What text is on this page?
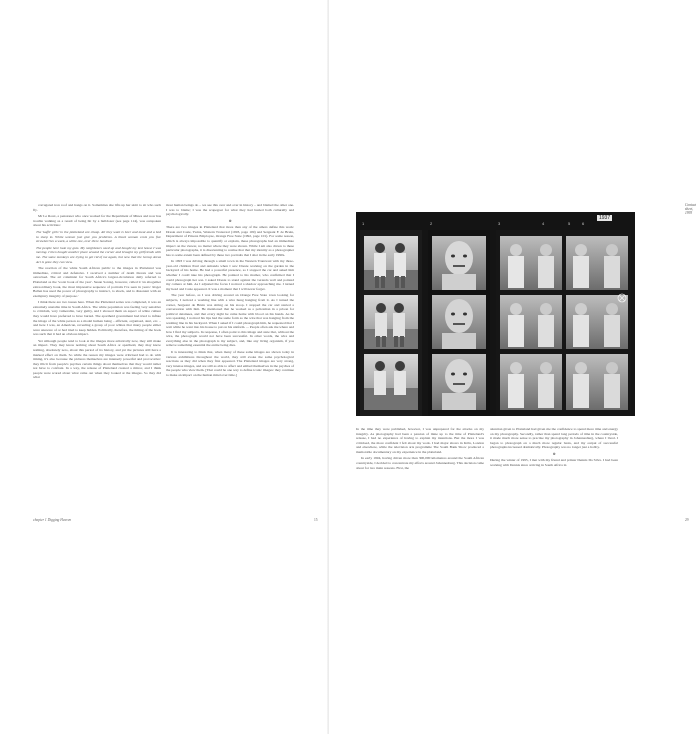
corrugated iron roof and hangs on it. Sometimes she lifts up her skirt to sit who such fly.

Mr Le Roux, a pensioner who once worked for the Department of Mines and now has trouble walking as a result of being hit by a bulldozer (see page 114), was outspoken about his activities:

The 'kaffir girls' in the platteland are cheap. All they want is beer and meat and a bed to sleep in. White women just give you problems. A black woman costs you five strawberries a week, a white one, over three hundred.

The people here hate my guts. My neighbours used up and bought my last house I was moving. I then bought another place around the corner and brought my girlfriends with me. The same monkeys are trying to get rid of me again, but now that the Group Areas Act is gone they can view.

The reaction of the white South African public to the images in Platteland was immediate, critical and defensive. I received a number of death threats and was ostracised. The art columnist for South Africa's largest-circulation daily referred to Platteland as the 'worst book of the year'. Susan Sontag, however, called it 'an altogether extraordinary book, the most impressive sequence of portraits I've seen in years.' Roger Ballen has used the power of photography to instruct, to shock, and is dissonant with an exemplary integrity of purpose.'

I think there are two issues here. When the Platteland series was completed, it was an extremely unstable time in South Africa. The white population was feeling very sensitive to criticism, very vulnerable, very guilty, and I showed them an aspect of white culture they would have preferred to have buried. The apartheid government had tried to inflate the image of the white person as a model human being – efficient, organised, alert, etc. – and here I was, an American, revealing a group of poor whites that many people either were unaware of or had tried to keep hidden. Politically, therefore, the timing of the book was such that it had an obvious impact.

Yet although people tend to look at the images more artistically now, they still make an impact. They may know nothing about South Africa or apartheid, they may know nothing, absolutely zero, about this period of its history, and yet the pictures still have a marked effect on them. So while the reason my images were criticised had to do with timing, it's also because the pictures themselves are intensely powerful and provocative: they illicit from people's psyches certain things about themselves that they would rather not have to confront. In a way, the release of Platteland created a mirror, and I think people were scared about what came out when they looked at the images. So they did what

most human beings do – we see this over and over in history – and blamed the other one. I was to blame; I was the scapegoat for what they had buried both culturally and psychologically.

⊛

There are two images in Platteland that more than any of the others define this work: Dresie and Casie, Twins, Western Transvaal (1993, page 109) and Sergeant F. de Bruin, Department of Prisons Employee, Orange Free State (1992, page 101). For some reason, which is always impossible to quantify or explain, these photographs had an immediate impact on the viewer, no matter where they were shown. While I am also drawn to these particular photographs, it is disorienting to realise that that my identity as a photographer has to some extent been defined by these two portraits that I shot in the early 1990s.

In 1993 I was driving through a small town in the Western Transvaal with my three-year-old children Paul and Amanda when I saw Dresie working on the garden in the backyard of his home. He had a powerful presence, so I stopped the car and asked him whether I could take his photograph. He pointed to his mother, who confirmed that I could photograph her son. I asked Dresie to stand against the veranda wall and pointed my camera at him. As I adjusted the focus I noticed a shadow approaching me. I turned my head and Casie appeared. It was a moment that I will never forget.

The year before, as I was driving around an Orange Free State town looking for subjects, I noticed a washing line with a wire hung hanging from it. As I turned the corner, Sergeant de Bruin was sitting on his stoop. I stopped the car and started a conversation with him. He mentioned that he worked as a policeman in a prison for political detainees, and that every night he came home with blood on his hands. As he was speaking, I noticed his lips had the same form as the wire that was hanging from the washing line in his backyard. When I asked if I could photograph him, he requested that I wait while he went into his house to put on his uniform. ... People often ask me where and how I find my subjects. In response, I often point to this image and state that, without the wire, the photograph would not have been successful. In other words, the wire and everything else in the photograph is my subject, and, like any living organism, if you remove something essential the entire being dies.

It is interesting to think that, when many of these same images are shown today in various exhibitions throughout the world, they still evoke the same psychological reactions as they did when they first appeared. The Platteland images are very strong, very intense images, and are still as able to affect and embed themselves in the psyches of the people who view them. [That could be one way to define iconic images: they continue to make an impact on the human mind over time.]

chapter 1 Digging Heaven	15
Contact sheet, 1993
29
1937
1	2	3	4	5	6

In the time they were published, however, I was unprepared for the attacks on my integrity. As photography had been a passion of mine up to the time of Platteland's release, I had no experience of having to explain my intentions. But the more I was criticised, the more confident I felt about my work. I had major shows in Köln, London and elsewhere, while the television arts programme The South Bank Show produced a memorable documentary on my experience in the platteland.

In early 1994, having driven more than 300,000 kilometres around the South African countryside, I decided to concentrate my efforts around Johannesburg. This decision came about for two main reasons. First, the

attention given to Platteland had given me the confidence to spend more time and energy on my photography. Secondly, rather than spend long periods of time in the countryside, it made much more sense to practise my photography in Johannesburg, where I lived. I began to photograph on a much more regular basis, and my output of successful photographs increased dramatically. Photography was no longer just a hobby.

⊛

During the winter of 1995, I met with my friend and printer Dennis Da Silva. I had been working with Dennis since arriving in South Africa in
